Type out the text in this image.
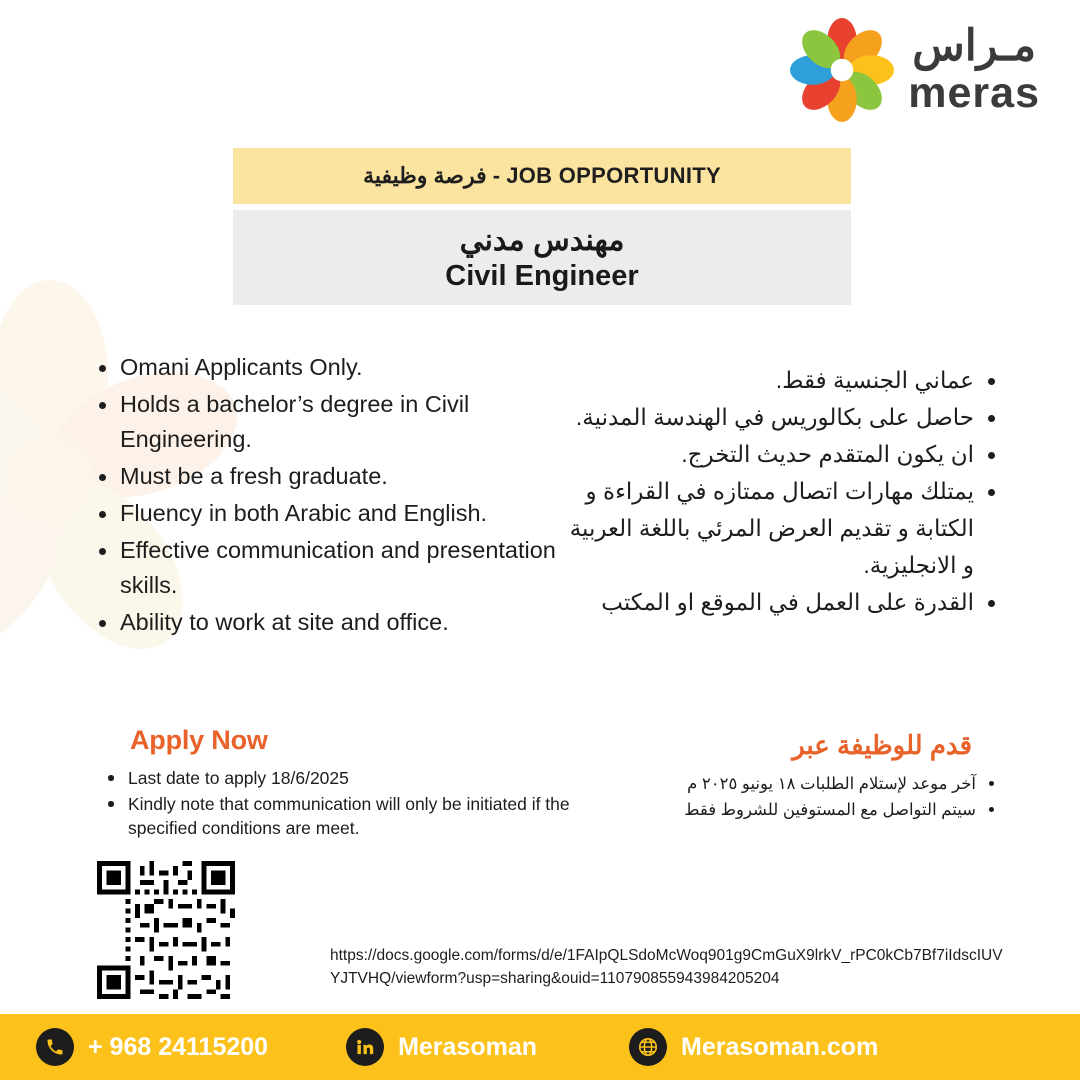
مـراس
meras
فرصة وظيفية - JOB OPPORTUNITY
مهندس مدني
Civil Engineer
Omani Applicants Only.
Holds a bachelor’s degree in Civil Engineering.
Must be a fresh graduate.
Fluency in both Arabic and English.
Effective communication and presentation skills.
Ability to work at site and office.
عماني الجنسية فقط.
حاصل على بكالوريس في الهندسة المدنية.
ان يكون المتقدم حديث التخرج.
يمتلك مهارات اتصال ممتازه في القراءة و الكتابة و تقديم العرض المرئي باللغة العربية و الانجليزية.
القدرة على العمل في الموقع او المكتب
Apply Now
Last date to apply 18/6/2025
Kindly note that communication will only be initiated if the specified conditions are meet.
قدم للوظيفة عبر
آخر موعد لإستلام الطلبات ١٨ يونيو ٢٠٢٥ م
سيتم التواصل مع المستوفين للشروط فقط
https://docs.google.com/forms/d/e/1FAIpQLSdoMcWoq901g9CmGuX9lrkV_rPC0kCb7Bf7iIdscIUVYJTVHQ/viewform?usp=sharing&ouid=110790855943984205204
+ 968 24115200	Merasoman	Merasoman.com
